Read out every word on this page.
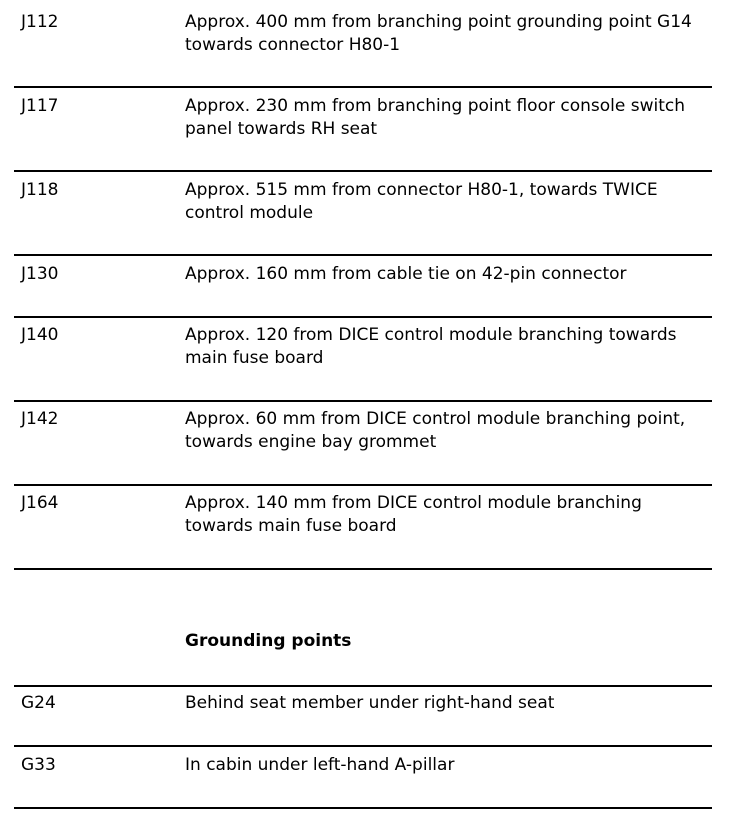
J112	Approx. 400 mm from branching point grounding point G14 towards connector H80-1
J117	Approx. 230 mm from branching point floor console switch panel towards RH seat
J118	Approx. 515 mm from connector H80-1, towards TWICE control module
J130	Approx. 160 mm from cable tie on 42-pin connector
J140	Approx. 120 from DICE control module branching towards main fuse board
J142	Approx. 60 mm from DICE control module branching point, towards engine bay grommet
J164	Approx. 140 mm from DICE control module branching towards main fuse board
Grounding points
G24	Behind seat member under right-hand seat
G33	In cabin under left-hand A-pillar
